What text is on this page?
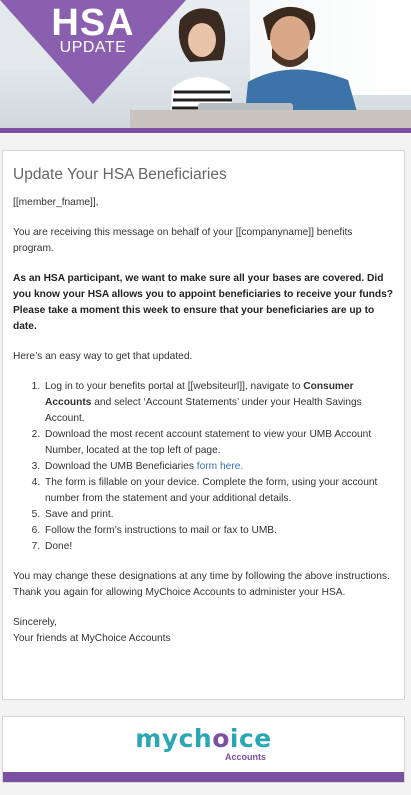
HSA
UPDATE
Update Your HSA Beneficiaries

[[member_fname]],

You are receiving this message on behalf of your [[companyname]] benefits program.

As an HSA participant, we want to make sure all your bases are covered. Did you know your HSA allows you to appoint beneficiaries to receive your funds? Please take a moment this week to ensure that your beneficiaries are up to date.

Here’s an easy way to get that updated.

1. Log in to your benefits portal at [[websiteurl]], navigate to Consumer Accounts and select ‘Account Statements’ under your Health Savings Account.
2. Download the most recent account statement to view your UMB Account Number, located at the top left of page.
3. Download the UMB Beneficiaries form here.
4. The form is fillable on your device. Complete the form, using your account number from the statement and your additional details.
5. Save and print.
6. Follow the form’s instructions to mail or fax to UMB.
7. Done!

You may change these designations at any time by following the above instructions. Thank you again for allowing MyChoice Accounts to administer your HSA.

Sincerely,
Your friends at MyChoice Accounts

mychoice
Accounts
